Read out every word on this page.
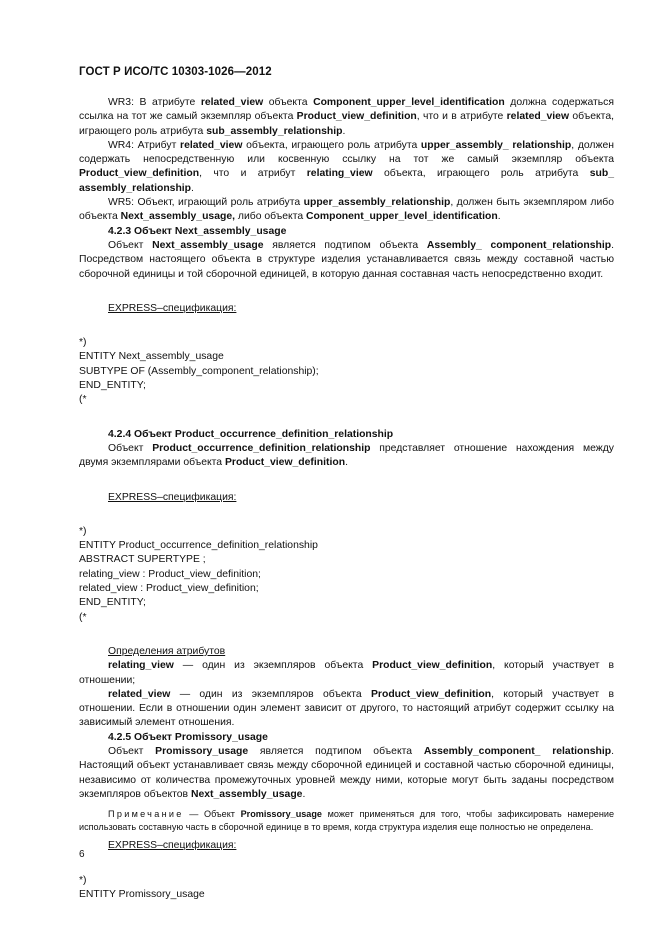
ГОСТ Р ИСО/ТС 10303-1026—2012

WR3: В атрибуте related_view объекта Component_upper_level_identification должна содержаться ссылка на тот же самый экземпляр объекта Product_view_definition, что и в атрибуте related_view объекта, играющего роль атрибута sub_assembly_relationship.

WR4: Атрибут related_view объекта, играющего роль атрибута upper_assembly_ relationship, должен содержать непосредственную или косвенную ссылку на тот же самый экземпляр объекта Product_view_definition, что и атрибут relating_view объекта, играющего роль атрибута sub_ assembly_relationship.

WR5: Объект, играющий роль атрибута upper_assembly_relationship, должен быть экземпляром либо объекта Next_assembly_usage, либо объекта Component_upper_level_identification.

4.2.3 Объект Next_assembly_usage

Объект Next_assembly_usage является подтипом объекта Assembly_ component_relationship. Посредством настоящего объекта в структуре изделия устанавливается связь между составной частью сборочной единицы и той сборочной единицей, в которую данная составная часть непосредственно входит.

EXPRESS–спецификация:

*)

ENTITY Next_assembly_usage

SUBTYPE OF (Assembly_component_relationship);

END_ENTITY;

(*

4.2.4 Объект Product_occurrence_definition_relationship

Объект Product_occurrence_definition_relationship представляет отношение нахождения между двумя экземплярами объекта Product_view_definition.

EXPRESS–спецификация:

*)

ENTITY Product_occurrence_definition_relationship

ABSTRACT SUPERTYPE ;

relating_view : Product_view_definition;

related_view : Product_view_definition;

END_ENTITY;

(*

Определения атрибутов

relating_view — один из экземпляров объекта Product_view_definition, который участвует в отношении;

related_view — один из экземпляров объекта Product_view_definition, который участвует в отношении. Если в отношении один элемент зависит от другого, то настоящий атрибут содержит ссылку на зависимый элемент отношения.

4.2.5 Объект Promissory_usage

Объект Promissory_usage является подтипом объекта Assembly_component_ relationship. Настоящий объект устанавливает связь между сборочной единицей и составной частью сборочной единицы, независимо от количества промежуточных уровней между ними, которые могут быть заданы посредством экземпляров объектов Next_assembly_usage.

Примечание — Объект Promissory_usage может применяться для того, чтобы зафиксировать намерение использовать составную часть в сборочной единице в то время, когда структура изделия еще полностью не определена.

EXPRESS–спецификация:

*)

ENTITY Promissory_usage

6
